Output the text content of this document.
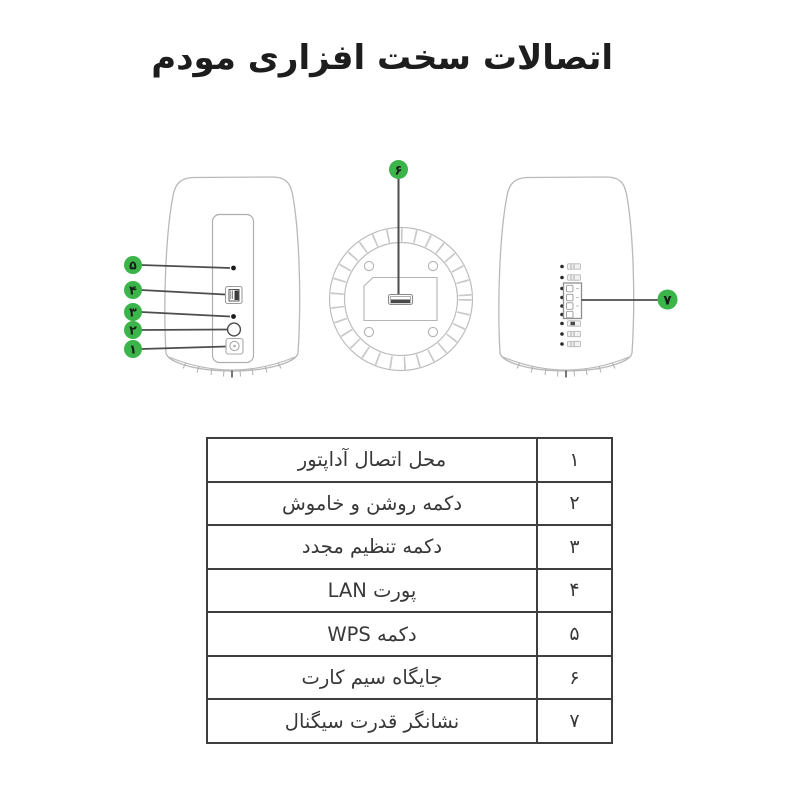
اتصالات سخت افزاری مودم
۵
۴
۳
۲
۱
۶
۷
۱	محل اتصال آداپتور
۲	دکمه روشن و خاموش
۳	دکمه تنظیم مجدد
۴	پورت LAN
۵	دکمه WPS
۶	جایگاه سیم کارت
۷	نشانگر قدرت سیگنال
